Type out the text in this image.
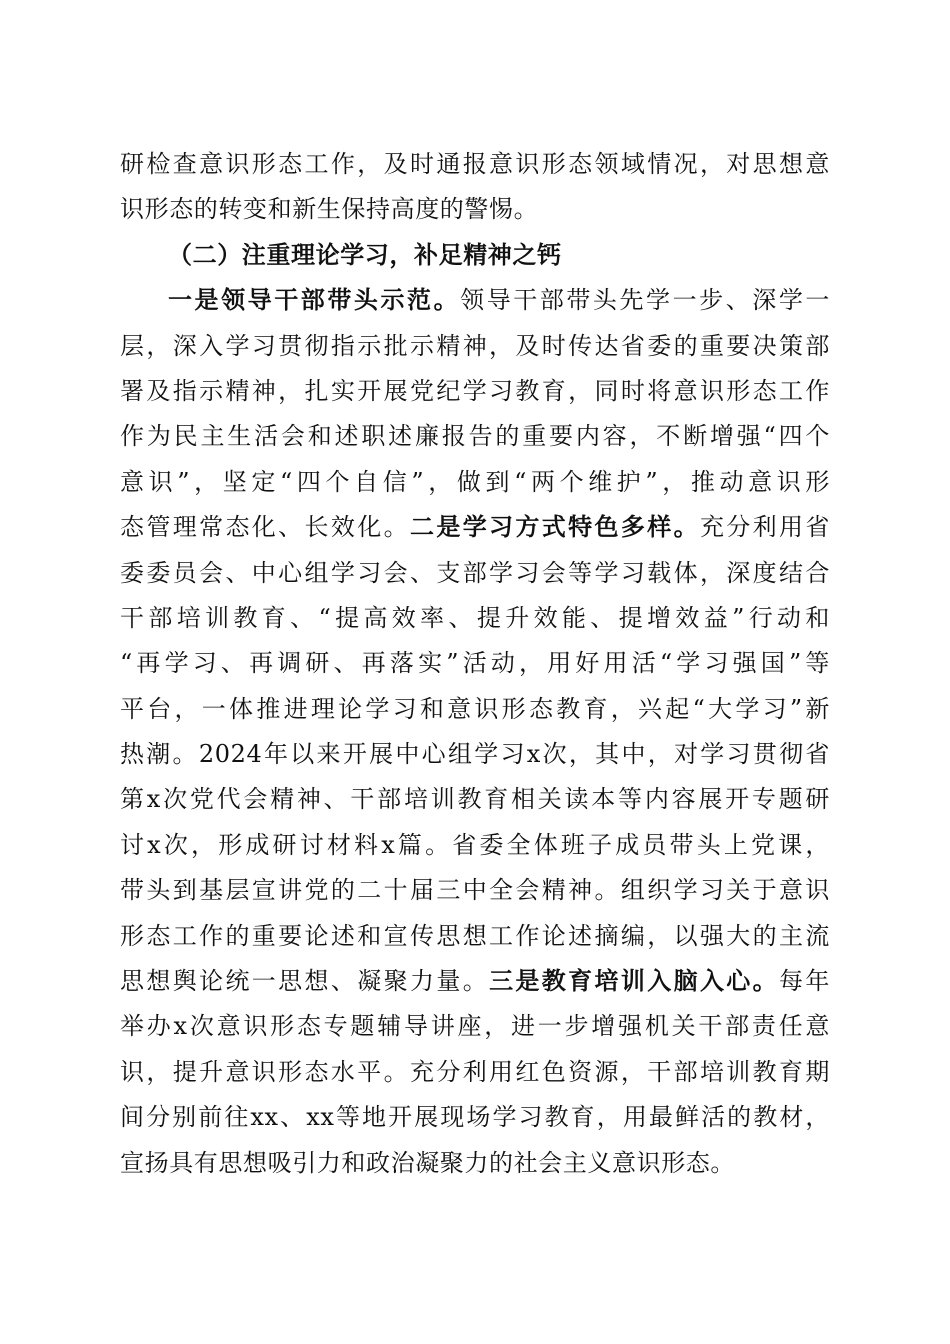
研检查意识形态工作，及时通报意识形态领域情况，对思想意
识形态的转变和新生保持高度的警惕。
（二）注重理论学习，补足精神之钙
一是领导干部带头示范。领导干部带头先学一步、深学一
层，深入学习贯彻指示批示精神，及时传达省委的重要决策部
署及指示精神，扎实开展党纪学习教育，同时将意识形态工作
作为民主生活会和述职述廉报告的重要内容，不断增强“四个
意识”，坚定“四个自信”，做到“两个维护”，推动意识形
态管理常态化、长效化。二是学习方式特色多样。充分利用省
委委员会、中心组学习会、支部学习会等学习载体，深度结合
干部培训教育、“提高效率、提升效能、提增效益”行动和
“再学习、再调研、再落实”活动，用好用活“学习强国”等
平台，一体推进理论学习和意识形态教育，兴起“大学习”新
热潮。2024年以来开展中心组学习x次，其中，对学习贯彻省
第x次党代会精神、干部培训教育相关读本等内容展开专题研
讨x次，形成研讨材料x篇。省委全体班子成员带头上党课，
带头到基层宣讲党的二十届三中全会精神。组织学习关于意识
形态工作的重要论述和宣传思想工作论述摘编，以强大的主流
思想舆论统一思想、凝聚力量。三是教育培训入脑入心。每年
举办x次意识形态专题辅导讲座，进一步增强机关干部责任意
识，提升意识形态水平。充分利用红色资源，干部培训教育期
间分别前往xx、xx等地开展现场学习教育，用最鲜活的教材，
宣扬具有思想吸引力和政治凝聚力的社会主义意识形态。
